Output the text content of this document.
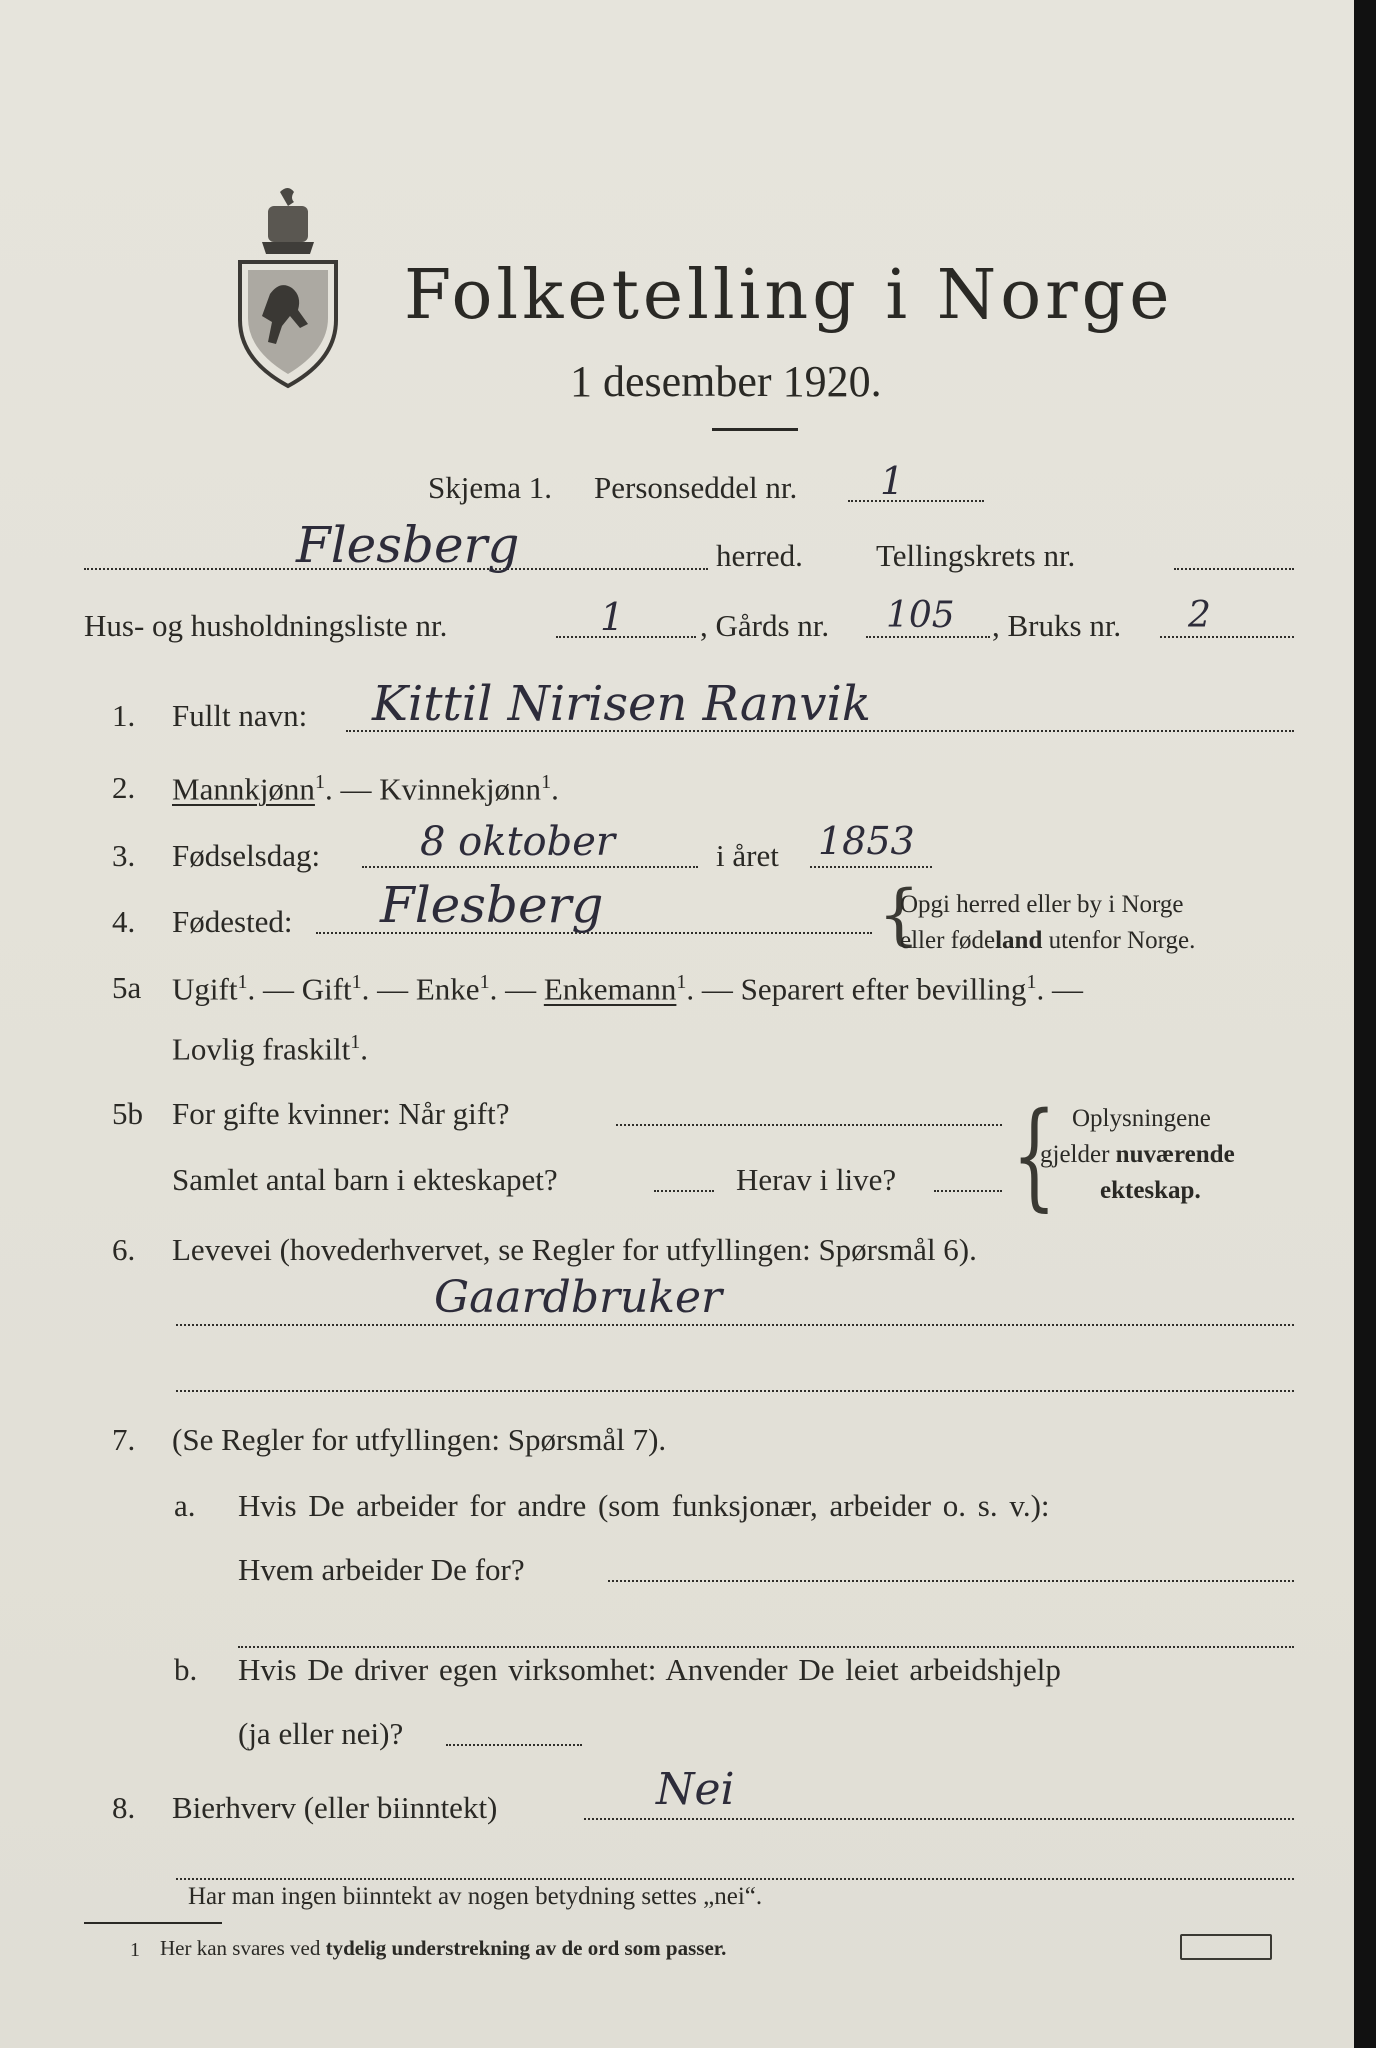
Folketelling i Norge
1 desember 1920.
Skjema 1. Personseddel nr. 1
Flesberg	herred. Tellingskrets nr.
Hus- og husholdningsliste nr.	1 , Gårds nr. 105 , Bruks nr. 2
1. Fullt navn: Kittil Nirisen Ranvik
2. Mannkjønn$^1$. — Kvinnekjønn$^1$.
3. Fødselsdag: 8 oktober	i året 1853
4. Fødested: Flesberg	{
Opgi herred eller by i Norge
eller fødeland utenfor Norge.
5a Ugift$^1$. — Gift$^1$. — Enke$^1$. — Enkemann$^1$. — Separert efter bevilling$^1$. —
Lovlig fraskilt$^1$.
5b For gifte kvinner: Når gift?
Samlet antal barn i ekteskapet?	Herav i live? { Oplysningene
gjelder nuværende
ekteskap.
6. Levevei (hovederhvervet, se Regler for utfyllingen: Spørsmål 6).
Gaardbruker
7. (Se Regler for utfyllingen: Spørsmål 7).
a. Hvis De arbeider for andre (som funksjonær, arbeider o. s. v.):
Hvem arbeider De for?
b. Hvis De driver egen virksomhet: Anvender De leiet arbeidshjelp
(ja eller nei)?
8. Bierhverv (eller biinntekt)	Nei
Har man ingen biinntekt av nogen betydning settes „nei“.
1 Her kan svares ved tydelig understrekning av de ord som passer.
